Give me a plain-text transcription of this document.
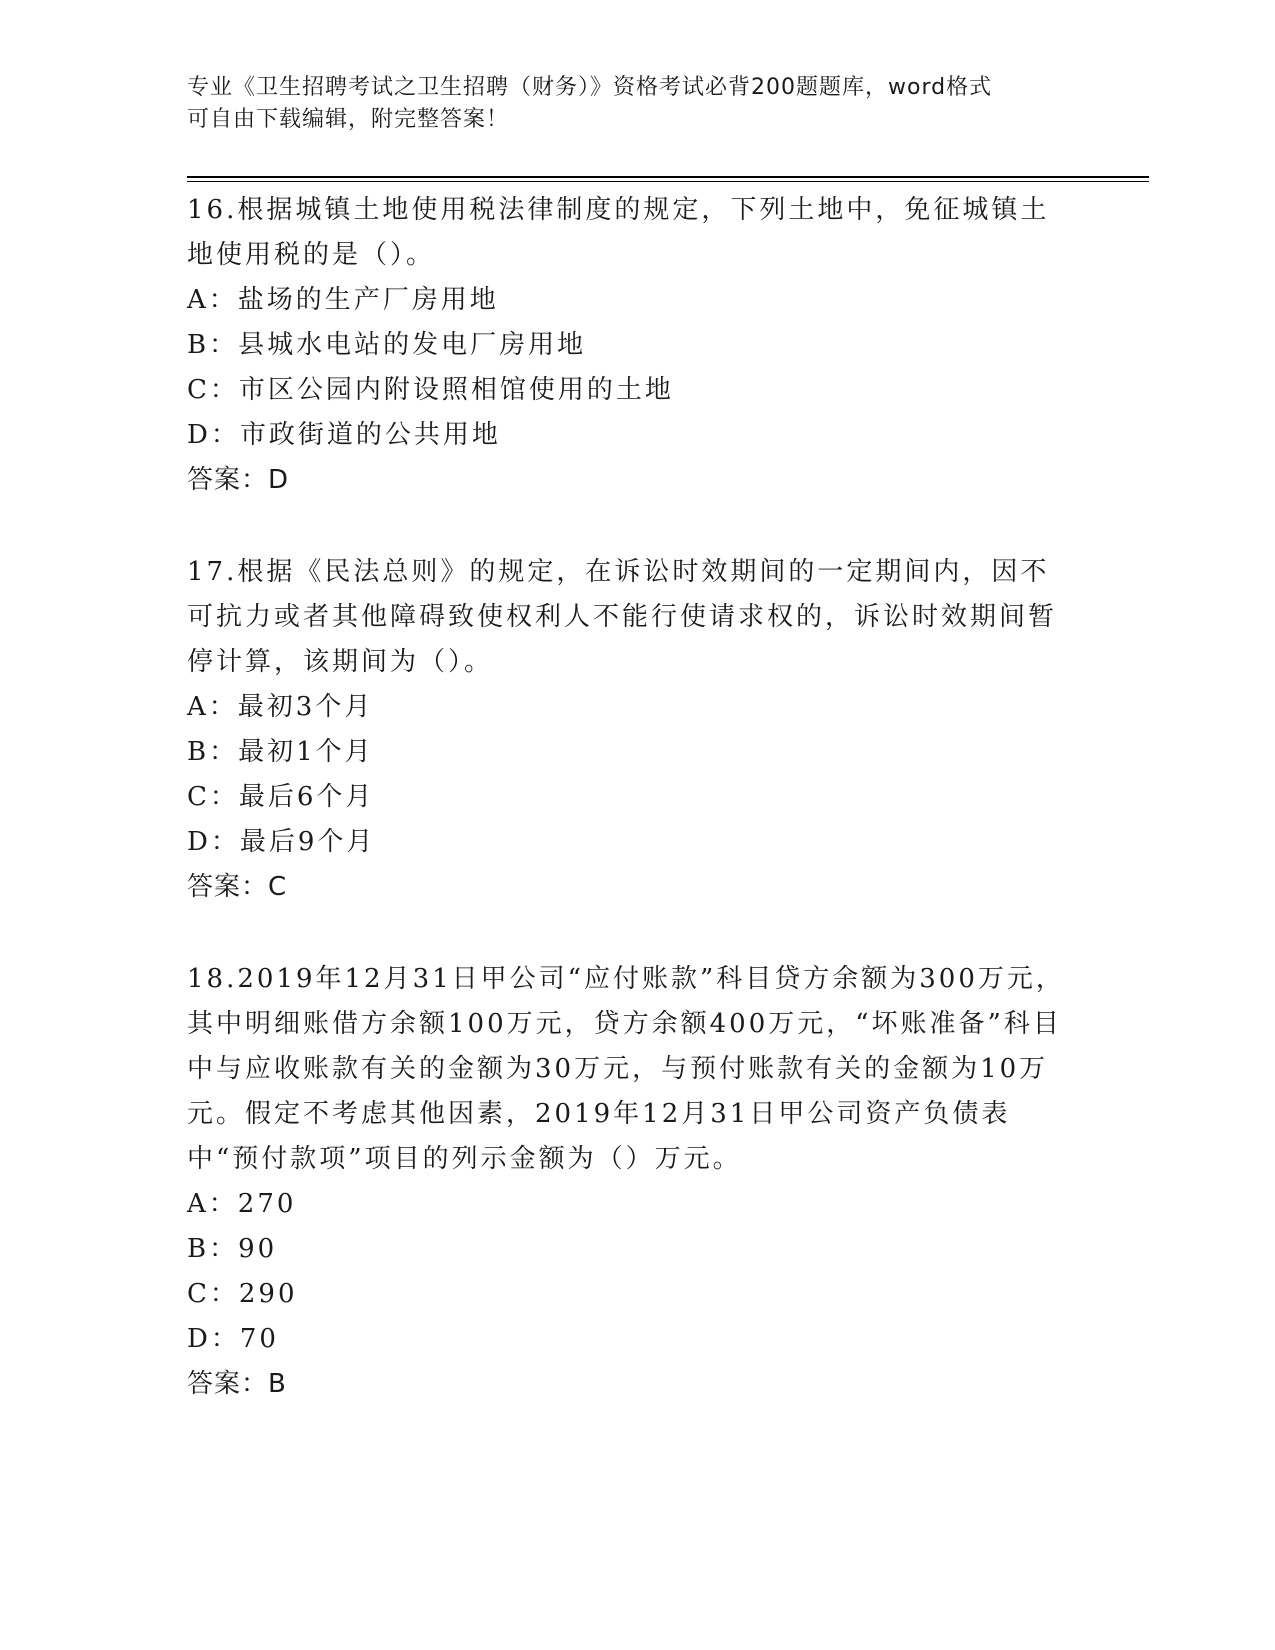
专业《卫生招聘考试之卫生招聘（财务）》资格考试必背200题题库，word格式
可自由下载编辑，附完整答案！

16.根据城镇土地使用税法律制度的规定，下列土地中，免征城镇土地使用税的是（）。

A：盐场的生产厂房用地

B：县城水电站的发电厂房用地

C：市区公园内附设照相馆使用的土地

D：市政街道的公共用地

答案：D

17.根据《民法总则》的规定，在诉讼时效期间的一定期间内，因不可抗力或者其他障碍致使权利人不能行使请求权的，诉讼时效期间暂停计算，该期间为（）。

A：最初3个月

B：最初1个月

C：最后6个月

D：最后9个月

答案：C

18.2019年12月31日甲公司“应付账款”科目贷方余额为300万元，其中明细账借方余额100万元，贷方余额400万元，“坏账准备”科目中与应收账款有关的金额为30万元，与预付账款有关的金额为10万元。假定不考虑其他因素，2019年12月31日甲公司资产负债表中“预付款项”项目的列示金额为（）万元。

A：270

B：90

C：290

D：70

答案：B
